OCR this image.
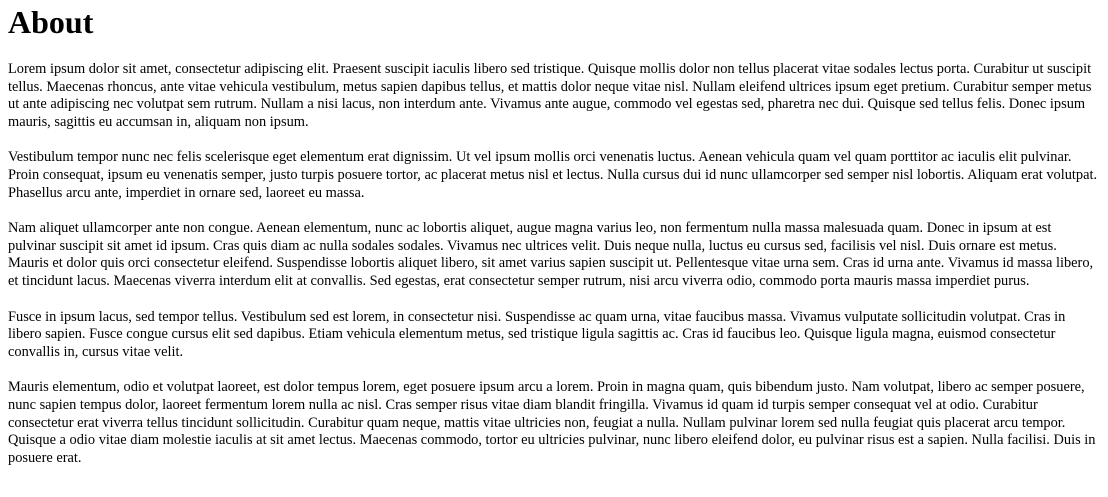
About

Lorem ipsum dolor sit amet, consectetur adipiscing elit. Praesent suscipit iaculis libero sed tristique. Quisque mollis dolor non tellus placerat vitae sodales lectus porta. Curabitur ut suscipit tellus. Maecenas rhoncus, ante vitae vehicula vestibulum, metus sapien dapibus tellus, et mattis dolor neque vitae nisl. Nullam eleifend ultrices ipsum eget pretium. Curabitur semper metus ut ante adipiscing nec volutpat sem rutrum. Nullam a nisi lacus, non interdum ante. Vivamus ante augue, commodo vel egestas sed, pharetra nec dui. Quisque sed tellus felis. Donec ipsum mauris, sagittis eu accumsan in, aliquam non ipsum.

Vestibulum tempor nunc nec felis scelerisque eget elementum erat dignissim. Ut vel ipsum mollis orci venenatis luctus. Aenean vehicula quam vel quam porttitor ac iaculis elit pulvinar. Proin consequat, ipsum eu venenatis semper, justo turpis posuere tortor, ac placerat metus nisl et lectus. Nulla cursus dui id nunc ullamcorper sed semper nisl lobortis. Aliquam erat volutpat. Phasellus arcu ante, imperdiet in ornare sed, laoreet eu massa.

Nam aliquet ullamcorper ante non congue. Aenean elementum, nunc ac lobortis aliquet, augue magna varius leo, non fermentum nulla massa malesuada quam. Donec in ipsum at est pulvinar suscipit sit amet id ipsum. Cras quis diam ac nulla sodales sodales. Vivamus nec ultrices velit. Duis neque nulla, luctus eu cursus sed, facilisis vel nisl. Duis ornare est metus. Mauris et dolor quis orci consectetur eleifend. Suspendisse lobortis aliquet libero, sit amet varius sapien suscipit ut. Pellentesque vitae urna sem. Cras id urna ante. Vivamus id massa libero, et tincidunt lacus. Maecenas viverra interdum elit at convallis. Sed egestas, erat consectetur semper rutrum, nisi arcu viverra odio, commodo porta mauris massa imperdiet purus.

Fusce in ipsum lacus, sed tempor tellus. Vestibulum sed est lorem, in consectetur nisi. Suspendisse ac quam urna, vitae faucibus massa. Vivamus vulputate sollicitudin volutpat. Cras in libero sapien. Fusce congue cursus elit sed dapibus. Etiam vehicula elementum metus, sed tristique ligula sagittis ac. Cras id faucibus leo. Quisque ligula magna, euismod consectetur convallis in, cursus vitae velit.

Mauris elementum, odio et volutpat laoreet, est dolor tempus lorem, eget posuere ipsum arcu a lorem. Proin in magna quam, quis bibendum justo. Nam volutpat, libero ac semper posuere, nunc sapien tempus dolor, laoreet fermentum lorem nulla ac nisl. Cras semper risus vitae diam blandit fringilla. Vivamus id quam id turpis semper consequat vel at odio. Curabitur consectetur erat viverra tellus tincidunt sollicitudin. Curabitur quam neque, mattis vitae ultricies non, feugiat a nulla. Nullam pulvinar lorem sed nulla feugiat quis placerat arcu tempor. Quisque a odio vitae diam molestie iaculis at sit amet lectus. Maecenas commodo, tortor eu ultricies pulvinar, nunc libero eleifend dolor, eu pulvinar risus est a sapien. Nulla facilisi. Duis in posuere erat.
